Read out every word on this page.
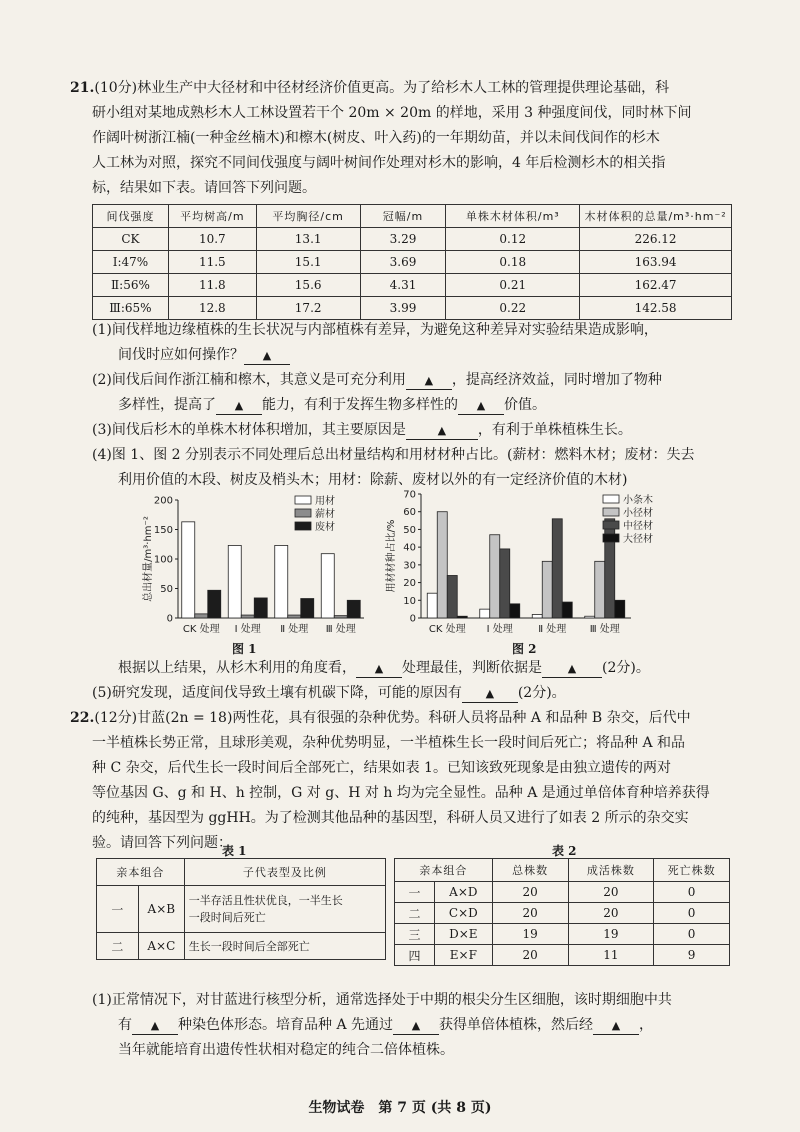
21.(10分)林业生产中大径材和中径材经济价值更高。为了给杉木人工林的管理提供理论基础，科

研小组对某地成熟杉木人工林设置若干个 20m × 20m 的样地，采用 3 种强度间伐，同时林下间

作阔叶树浙江楠(一种金丝楠木)和檫木(树皮、叶入药)的一年期幼苗，并以未间伐间作的杉木

人工林为对照，探究不同间伐强度与阔叶树间作处理对杉木的影响，4 年后检测杉木的相关指

标，结果如下表。请回答下列问题。

间伐强度	平均树高/m	平均胸径/cm	冠幅/m	单株木材体积/m³	木材体积的总量/m³·hm⁻²
CK	10.7	13.1	3.29	0.12	226.12
Ⅰ:47%	11.5	15.1	3.69	0.18	163.94
Ⅱ:56%	11.8	15.6	4.31	0.21	162.47
Ⅲ:65%	12.8	17.2	3.99	0.22	142.58

(1)间伐样地边缘植株的生长状况与内部植株有差异，为避免这种差异对实验结果造成影响，

间伐时应如何操作？ ▲

(2)间伐后间作浙江楠和檫木，其意义是可充分利用 ▲ ，提高经济效益，同时增加了物种

多样性，提高了 ▲ 能力，有利于发挥生物多样性的 ▲ 价值。

(3)间伐后杉木的单株木材体积增加，其主要原因是	▲ ，有利于单株植株生长。

(4)图 1、图 2 分别表示不同处理后总出材量结构和用材材种占比。(薪材：燃料木材；废材：失去

利用价值的木段、树皮及梢头木；用材：除薪、废材以外的有一定经济价值的木材)

0
50
100
150
200
总出材量/m³·hm⁻²
CK 处理 Ⅰ 处理 Ⅱ 处理 Ⅲ 处理
用材
薪材
废材
图 1
0
10
20
30
40
50
60
70
用材材种占比/%
CK 处理 Ⅰ 处理	Ⅱ 处理 Ⅲ 处理
小条木
小径材
中径材
大径材
图 2

根据以上结果，从杉木利用的角度看， ▲ 处理最佳，判断依据是 ▲ (2分)。

(5)研究发现，适度间伐导致土壤有机碳下降，可能的原因有 ▲ (2分)。

22.(12分)甘蓝(2n = 18)两性花，具有很强的杂种优势。科研人员将品种 A 和品种 B 杂交，后代中

一半植株长势正常，且球形美观，杂种优势明显，一半植株生长一段时间后死亡；将品种 A 和品

种 C 杂交，后代生长一段时间后全部死亡，结果如表 1。已知该致死现象是由独立遗传的两对

等位基因 G、g 和 H、h 控制，G 对 g、H 对 h 均为完全显性。品种 A 是通过单倍体育种培养获得

的纯种，基因型为 ggHH。为了检测其他品种的基因型，科研人员又进行了如表 2 所示的杂交实

验。请回答下列问题：

表 1
亲本组合		子代表型及比例
一	A×B	一半存活且性状优良，一半生长
一段时间后死亡

二	A×C	生长一段时间后全部死亡
表 2
亲本组合		总株数	成活株数	死亡株数
一	A×D	20	20	0
二	C×D	20	20	0
三	D×E	19	19	0
四	E×F	20	11	9

(1)正常情况下，对甘蓝进行核型分析，通常选择处于中期的根尖分生区细胞，该时期细胞中共

有 ▲ 种染色体形态。培育品种 A 先通过 ▲ 获得单倍体植株，然后经 ▲ ，

当年就能培育出遗传性状相对稳定的纯合二倍体植株。

生物试卷　第 7 页 (共 8 页)
